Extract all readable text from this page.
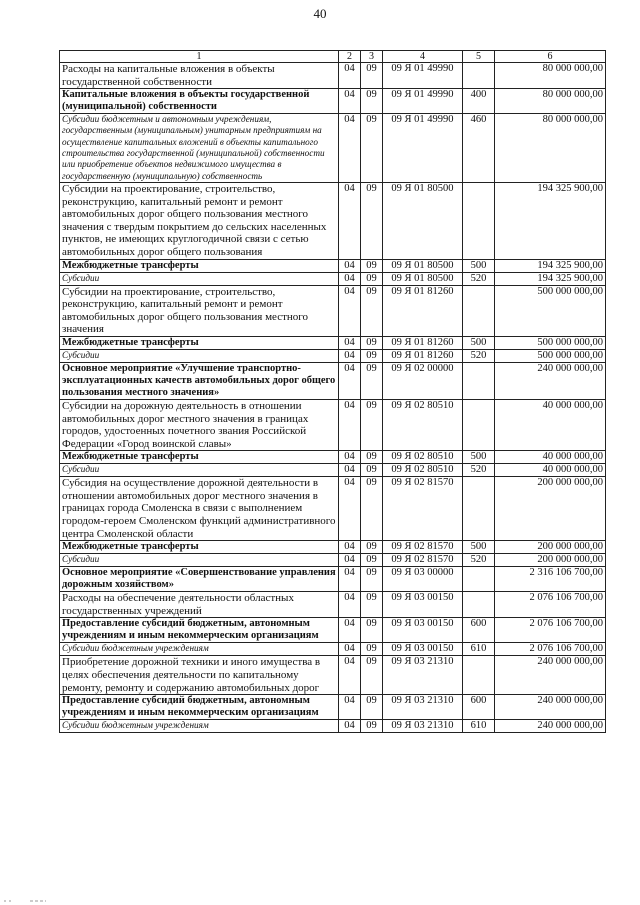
40
1	2	3	4	5	6
Расходы на капитальные вложения в объекты государственной собственности	04	09	09 Я 01 49990		80 000 000,00
Капитальные вложения в объекты государственной (муниципальной) собственности	04	09	09 Я 01 49990	400	80 000 000,00
Субсидии бюджетным и автономным учреждениям, государственным (муниципальным) унитарным предприятиям на осуществление капитальных вложений в объекты капитального строительства государственной (муниципальной) собственности или приобретение объектов недвижимого имущества в государственную (муниципальную) собственность	04	09	09 Я 01 49990	460	80 000 000,00
Субсидии на проектирование, строительство, реконструкцию, капитальный ремонт и ремонт автомобильных дорог общего пользования местного значения с твердым покрытием до сельских населенных пунктов, не имеющих круглогодичной связи с сетью автомобильных дорог общего пользования	04	09	09 Я 01 80500		194 325 900,00
Межбюджетные трансферты	04	09	09 Я 01 80500	500	194 325 900,00
Субсидии	04	09	09 Я 01 80500	520	194 325 900,00
Субсидии на проектирование, строительство, реконструкцию, капитальный ремонт и ремонт автомобильных дорог общего пользования местного значения	04	09	09 Я 01 81260		500 000 000,00
Межбюджетные трансферты	04	09	09 Я 01 81260	500	500 000 000,00
Субсидии	04	09	09 Я 01 81260	520	500 000 000,00
Основное мероприятие «Улучшение транспортно-эксплуатационных качеств автомобильных дорог общего пользования местного значения»	04	09	09 Я 02 00000		240 000 000,00
Субсидии на дорожную деятельность в отношении автомобильных дорог местного значения в границах городов, удостоенных почетного звания Российской Федерации «Город воинской славы»	04	09	09 Я 02 80510		40 000 000,00
Межбюджетные трансферты	04	09	09 Я 02 80510	500	40 000 000,00
Субсидии	04	09	09 Я 02 80510	520	40 000 000,00
Субсидия на осуществление дорожной деятельности в отношении автомобильных дорог местного значения в границах города Смоленска в связи с выполнением городом-героем Смоленском функций административного центра Смоленской области	04	09	09 Я 02 81570		200 000 000,00
Межбюджетные трансферты	04	09	09 Я 02 81570	500	200 000 000,00
Субсидии	04	09	09 Я 02 81570	520	200 000 000,00
Основное мероприятие «Совершенствование управления дорожным хозяйством»	04	09	09 Я 03 00000		2 316 106 700,00
Расходы на обеспечение деятельности областных государственных учреждений	04	09	09 Я 03 00150		2 076 106 700,00
Предоставление субсидий бюджетным, автономным учреждениям и иным некоммерческим организациям	04	09	09 Я 03 00150	600	2 076 106 700,00
Субсидии бюджетным учреждениям	04	09	09 Я 03 00150	610	2 076 106 700,00
Приобретение дорожной техники и иного имущества в целях обеспечения деятельности по капитальному ремонту, ремонту и содержанию автомобильных дорог	04	09	09 Я 03 21310		240 000 000,00
Предоставление субсидий бюджетным, автономным учреждениям и иным некоммерческим организациям	04	09	09 Я 03 21310	600	240 000 000,00
Субсидии бюджетным учреждениям	04	09	09 Я 03 21310	610	240 000 000,00
